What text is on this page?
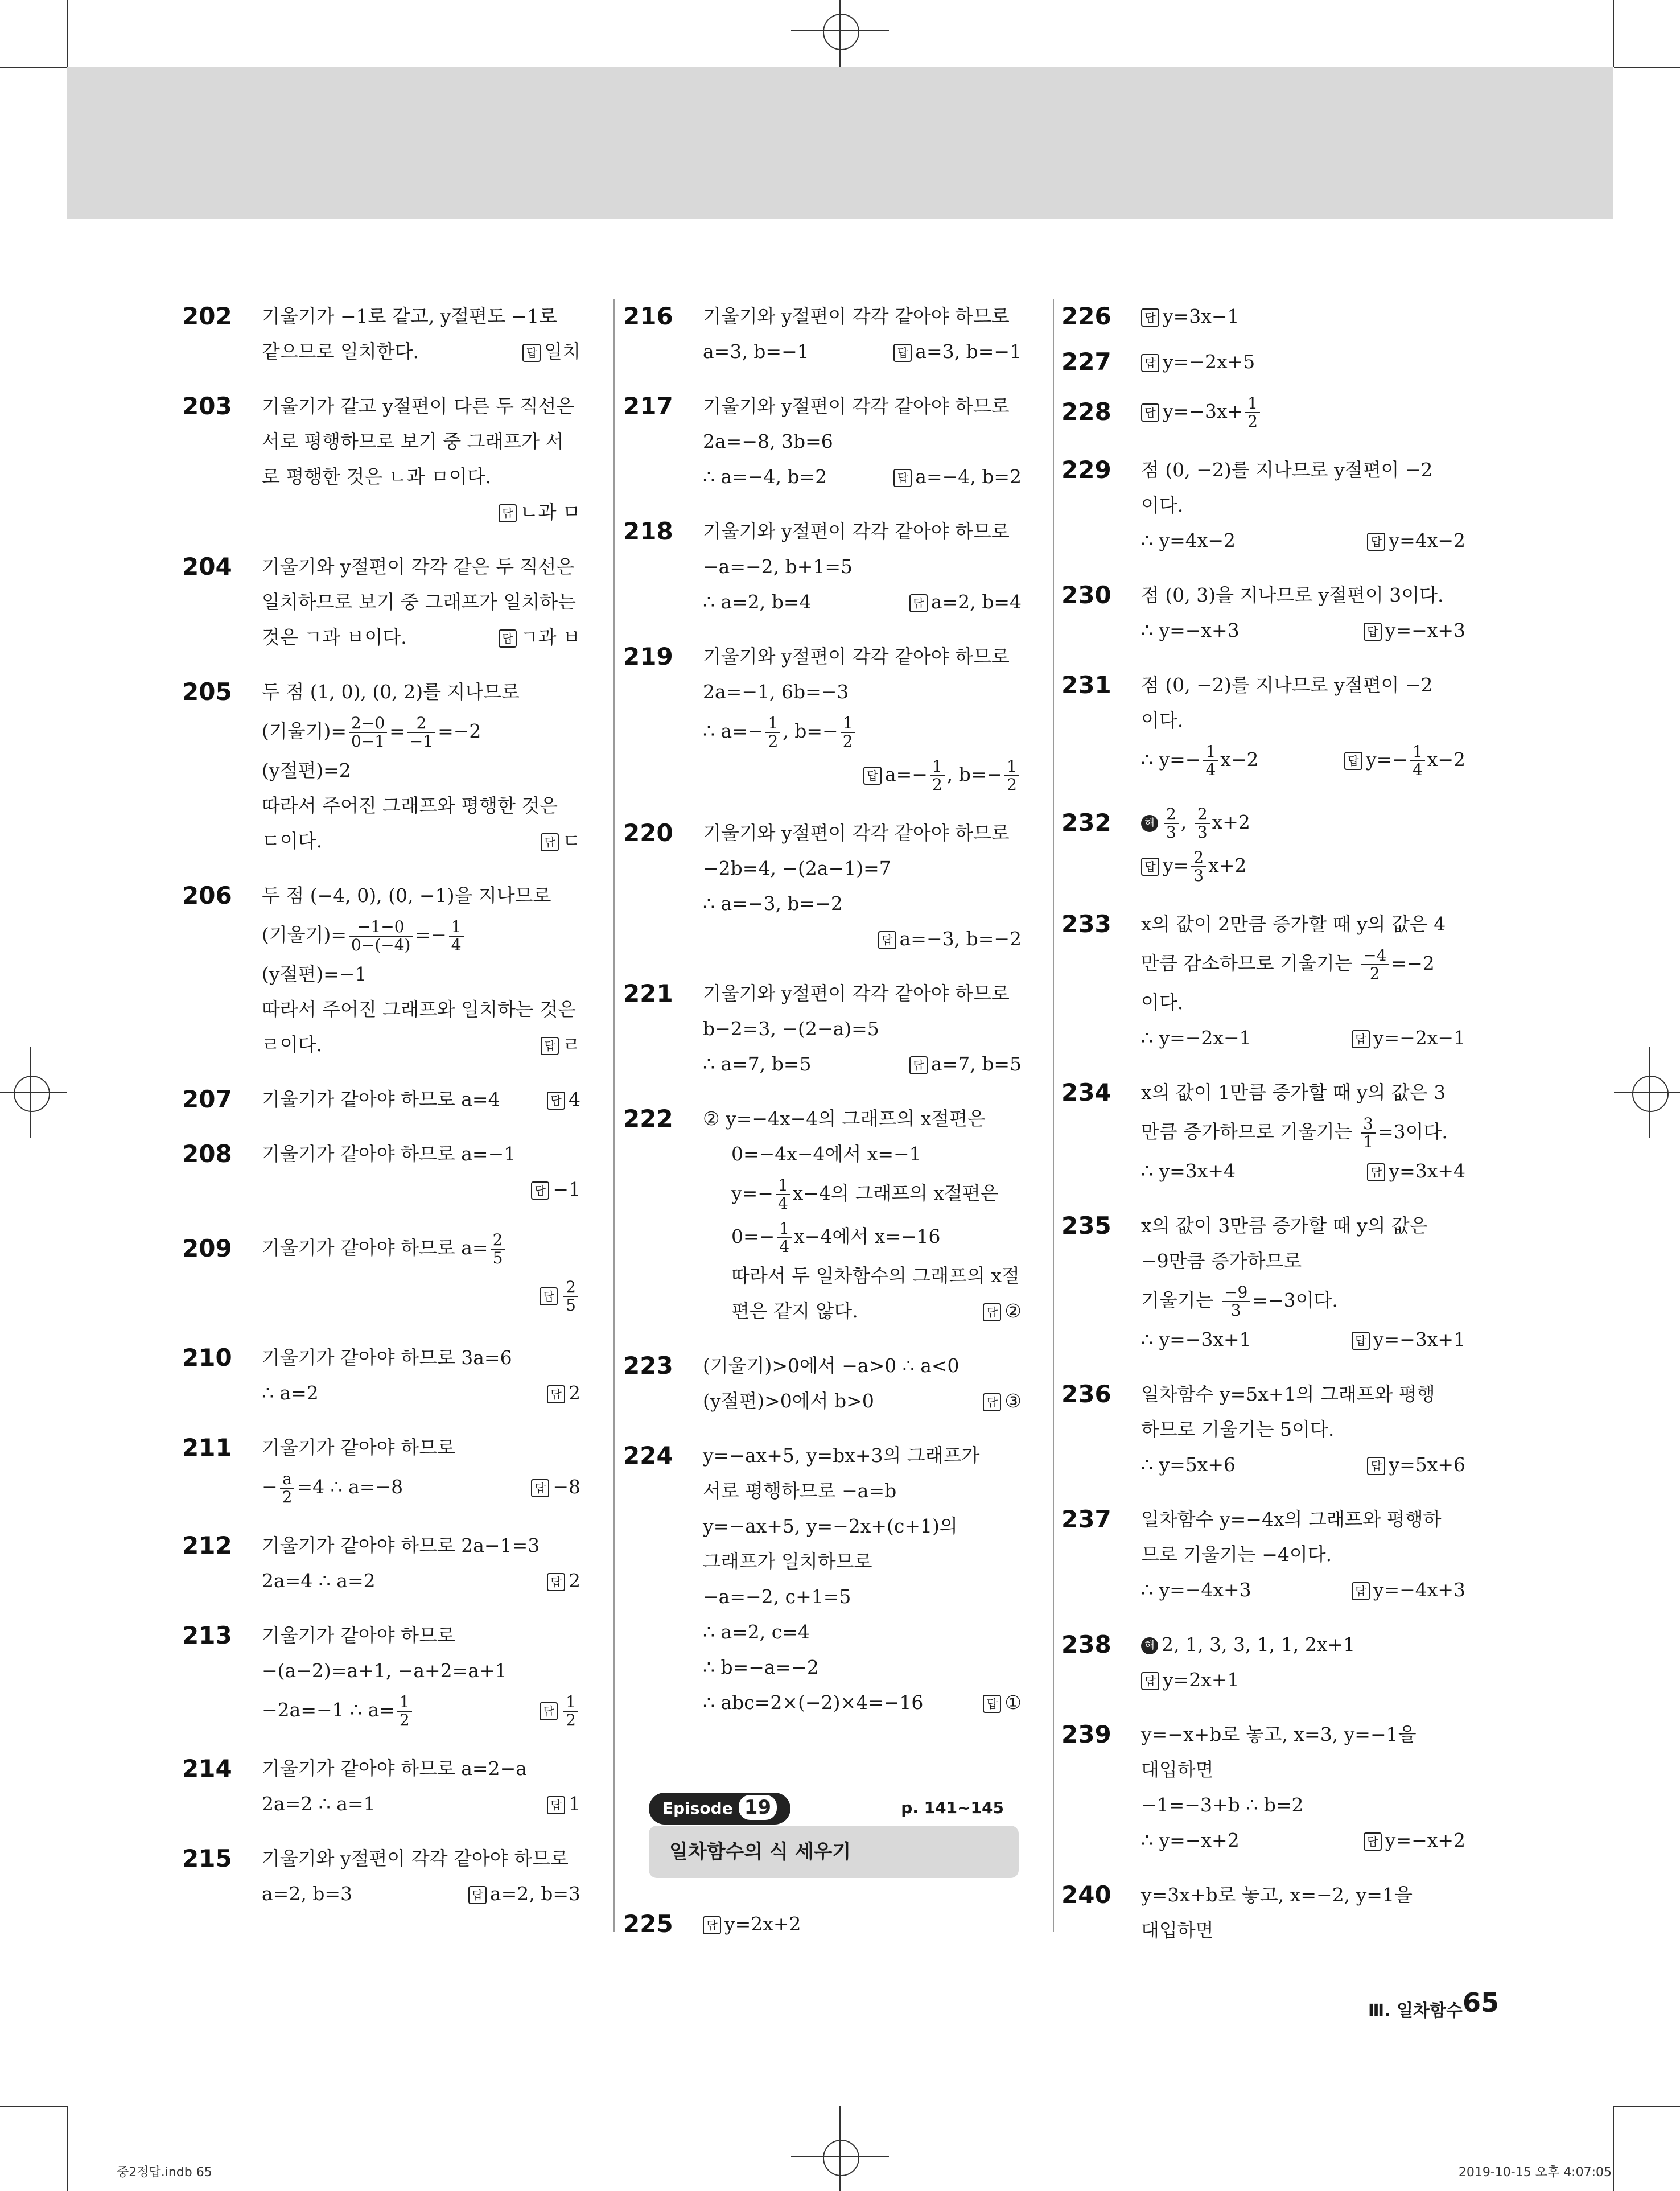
202	기울기가 −1로 같고, y절편도 −1로
같으므로 일치한다.	답 일치
203	기울기가 같고 y절편이 다른 두 직선은
서로 평행하므로 보기 중 그래프가 서
로 평행한 것은 ㄴ과 ㅁ이다.
답 ㄴ과 ㅁ
204	기울기와 y절편이 각각 같은 두 직선은
일치하므로 보기 중 그래프가 일치하는
것은 ㄱ과 ㅂ이다.	답 ㄱ과 ㅂ
205	두 점 (1, 0), (0, 2)를 지나므로
(기울기)= $\frac{2-0}{0-1} = \frac{2}{-1} =-2$
(y절편)=2
따라서 주어진 그래프와 평행한 것은
ㄷ이다.	답 ㄷ
206	두 점 (−4, 0), (0, −1)을 지나므로
(기울기)= $\frac{-1-0}{0-(-4)} =- \frac{1}{4}$
(y절편)=−1
따라서 주어진 그래프와 일치하는 것은
ㄹ이다.	답 ㄹ
207	기울기가 같아야 하므로 a=4	답 4
208	기울기가 같아야 하므로 a=−1
답 −1
209	기울기가 같아야 하므로 $a= \frac{2}{5}$
답 $\frac{2}{5}$
210	기울기가 같아야 하므로 3a=6
∴ a=2	답 2
211	기울기가 같아야 하므로
− $\frac{a}{2} =4$ ∴ a=−8	답 −8
212	기울기가 같아야 하므로 2a−1=3
2a=4 ∴ a=2	답 2
213	기울기가 같아야 하므로
−(a−2)=a+1, −a+2=a+1
−2a=−1 ∴ $a= \frac{1}{2}$	답 $\frac{1}{2}$
214	기울기가 같아야 하므로 a=2−a
2a=2 ∴ a=1	답 1
215	기울기와 y절편이 각각 같아야 하므로
a=2, b=3	답 a=2, b=3
216	기울기와 y절편이 각각 같아야 하므로
a=3, b=−1	답 a=3, b=−1
217	기울기와 y절편이 각각 같아야 하므로
2a=−8, 3b=6
∴ a=−4, b=2	답 a=−4, b=2
218	기울기와 y절편이 각각 같아야 하므로
−a=−2, b+1=5
∴ a=2, b=4	답 a=2, b=4
219	기울기와 y절편이 각각 같아야 하므로
2a=−1, 6b=−3
∴ $a=- \frac{1}{2}$ , $b=- \frac{1}{2}$
답 $a=- \frac{1}{2}$ , $b=- \frac{1}{2}$
220	기울기와 y절편이 각각 같아야 하므로
−2b=4, −(2a−1)=7
∴ a=−3, b=−2
답 a=−3, b=−2
221	기울기와 y절편이 각각 같아야 하므로
b−2=3, −(2−a)=5
∴ a=7, b=5	답 a=7, b=5
222	② y=−4x−4의 그래프의 x절편은
0=−4x−4에서 x=−1
$y=- \frac{1}{4} x-4$의 그래프의 x절편은
$0=- \frac{1}{4} x-4$에서 x=−16
따라서 두 일차함수의 그래프의 x절
편은 같지 않다.	답 ②
223	(기울기)>0에서 −a>0 ∴ a<0
(y절편)>0에서 b>0	답 ③
224	y=−ax+5, y=bx+3의 그래프가
서로 평행하므로 −a=b
y=−ax+5, y=−2x+(c+1)의
그래프가 일치하므로
−a=−2, c+1=5
∴ a=2, c=4
∴ b=−a=−2
∴ abc=2×(−2)×4=−16	답 ①
Episode 19	p. 141~145
일차함수의 식 세우기
225	답 y=2x+2
226	답 y=3x−1
227	답 y=−2x+5
228	답 $y=-3x+ \frac{1}{2}$
229	점 (0, −2)를 지나므로 y절편이 −2
이다.
∴ y=4x−2	답 y=4x−2
230	점 (0, 3)을 지나므로 y절편이 3이다.
∴ y=−x+3	답 y=−x+3
231	점 (0, −2)를 지나므로 y절편이 −2
이다.
∴ $y=- \frac{1}{4} x-2$	답 $y=- \frac{1}{4} x-2$
232	해 $\frac{2}{3}$ , $\frac{2}{3} x+2$
답 $y= \frac{2}{3} x+2$
233	x의 값이 2만큼 증가할 때 y의 값은 4
만큼 감소하므로 기울기는 $\frac{-4}{2} =-2$
이다.
∴ y=−2x−1	답 y=−2x−1
234	x의 값이 1만큼 증가할 때 y의 값은 3
만큼 증가하므로 기울기는 $\frac{3}{1} =3$이다.
∴ y=3x+4	답 y=3x+4
235	x의 값이 3만큼 증가할 때 y의 값은
−9만큼 증가하므로
기울기는 $\frac{-9}{3} =-3$이다.
∴ y=−3x+1	답 y=−3x+1
236	일차함수 y=5x+1의 그래프와 평행
하므로 기울기는 5이다.
∴ y=5x+6	답 y=5x+6
237	일차함수 y=−4x의 그래프와 평행하
므로 기울기는 −4이다.
∴ y=−4x+3	답 y=−4x+3
238	해 2, 1, 3, 3, 1, 1, 2x+1
답 y=2x+1
239	y=−x+b로 놓고, x=3, y=−1을
대입하면
−1=−3+b ∴ b=2
∴ y=−x+2	답 y=−x+2
240	y=3x+b로 놓고, x=−2, y=1을
대입하면
Ⅲ. 일차함수 65
중2정답.indb 65	2019-10-15 오후 4:07:05
